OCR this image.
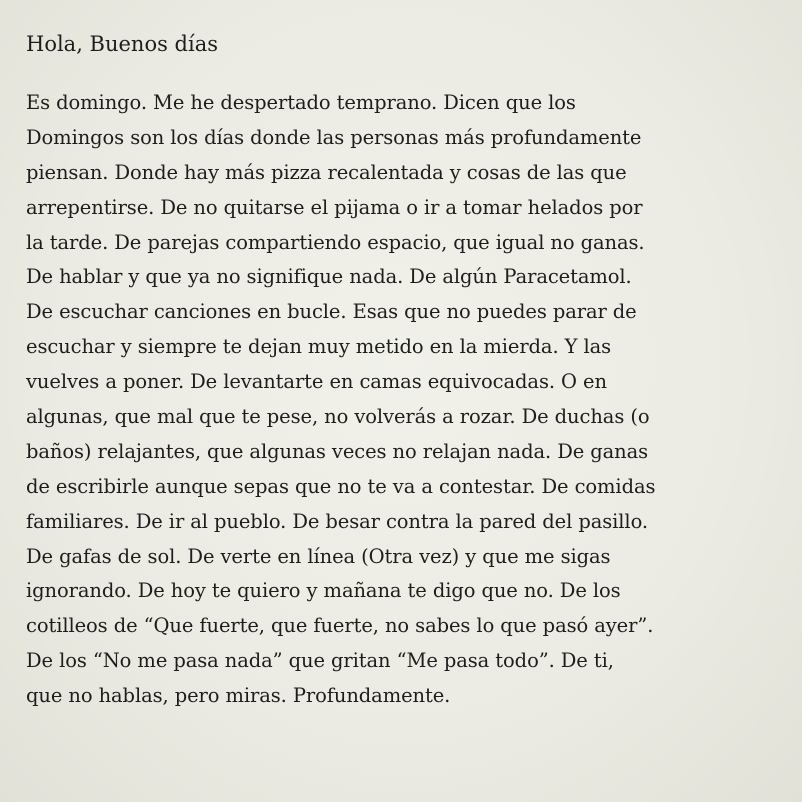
Hola, Buenos días
Es domingo. Me he despertado temprano. Dicen que los
Domingos son los días donde las personas más profundamente
piensan. Donde hay más pizza recalentada y cosas de las que
arrepentirse. De no quitarse el pijama o ir a tomar helados por
la tarde. De parejas compartiendo espacio, que igual no ganas.
De hablar y que ya no signifique nada. De algún Paracetamol.
De escuchar canciones en bucle. Esas que no puedes parar de
escuchar y siempre te dejan muy metido en la mierda. Y las
vuelves a poner. De levantarte en camas equivocadas. O en
algunas, que mal que te pese, no volverás a rozar. De duchas (o
baños) relajantes, que algunas veces no relajan nada. De ganas
de escribirle aunque sepas que no te va a contestar. De comidas
familiares. De ir al pueblo. De besar contra la pared del pasillo.
De gafas de sol. De verte en línea (Otra vez) y que me sigas
ignorando. De hoy te quiero y mañana te digo que no. De los
cotilleos de “Que fuerte, que fuerte, no sabes lo que pasó ayer”.
De los “No me pasa nada” que gritan “Me pasa todo”. De ti,
que no hablas, pero miras. Profundamente.
